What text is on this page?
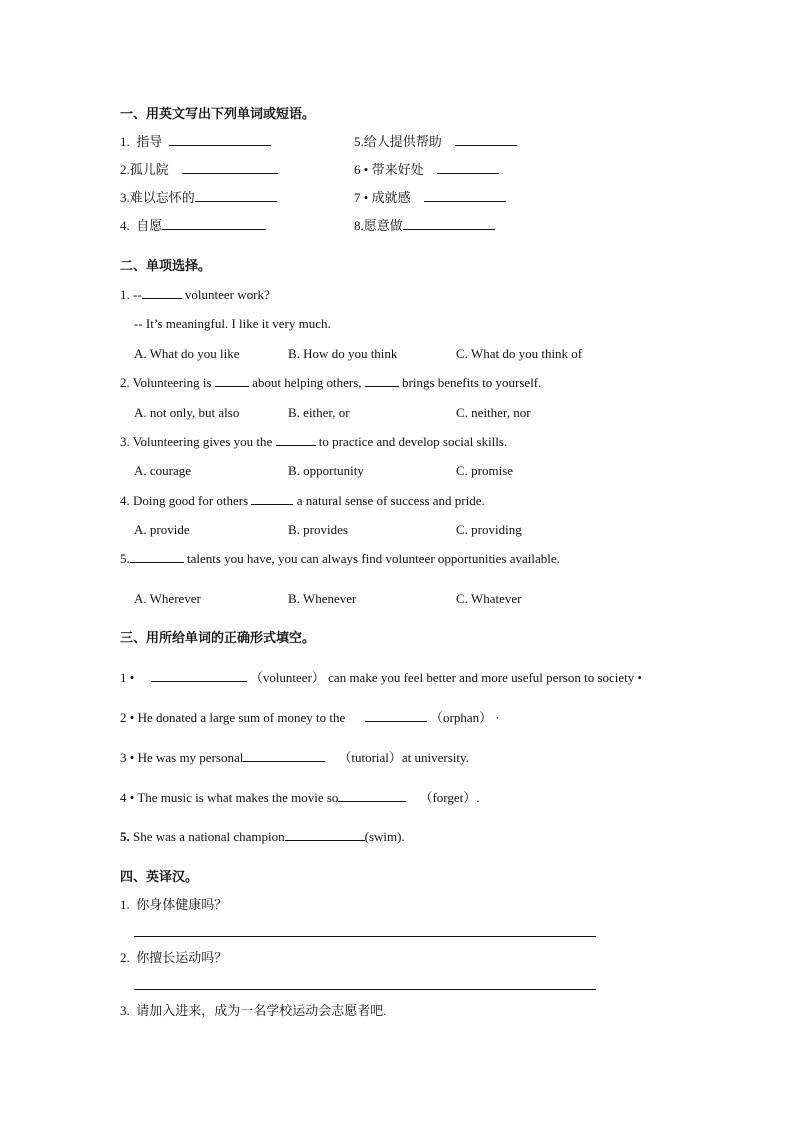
一、用英文写出下列单词或短语。
1. 指导
2.孤儿院
3.难以忘怀的
4. 自愿
5.给人提供帮助
6 • 带来好处
7 • 成就感
8.愿意做
二、单项选择。
1. --	volunteer work?
-- It’s meaningful. I like it very much.
A. What do you like	B. How do you think	C. What do you think of
2. Volunteering is	about helping others,	brings benefits to yourself.
A. not only, but also	B. either, or	C. neither, nor
3. Volunteering gives you the	to practice and develop social skills.
A. courage	B. opportunity	C. promise
4. Doing good for others	a natural sense of success and pride.
A. provide	B. provides	C. providing
5.	talents you have, you can always find volunteer opportunities available.
A. Wherever	B. Whenever	C. Whatever
三、用所给单词的正确形式填空。
1 •	（volunteer） can make you feel better and more useful person to society •
2 • He donated a large sum of money to the	（orphan） ·
3 • He was my personal	（tutorial）at university.
4 • The music is what makes the movie so	（forget）.
5. She was a national champion	(swim).
四、英译汉。
1. 你身体健康吗？
2. 你擅长运动吗？
3. 请加入进来，成为一名学校运动会志愿者吧.
